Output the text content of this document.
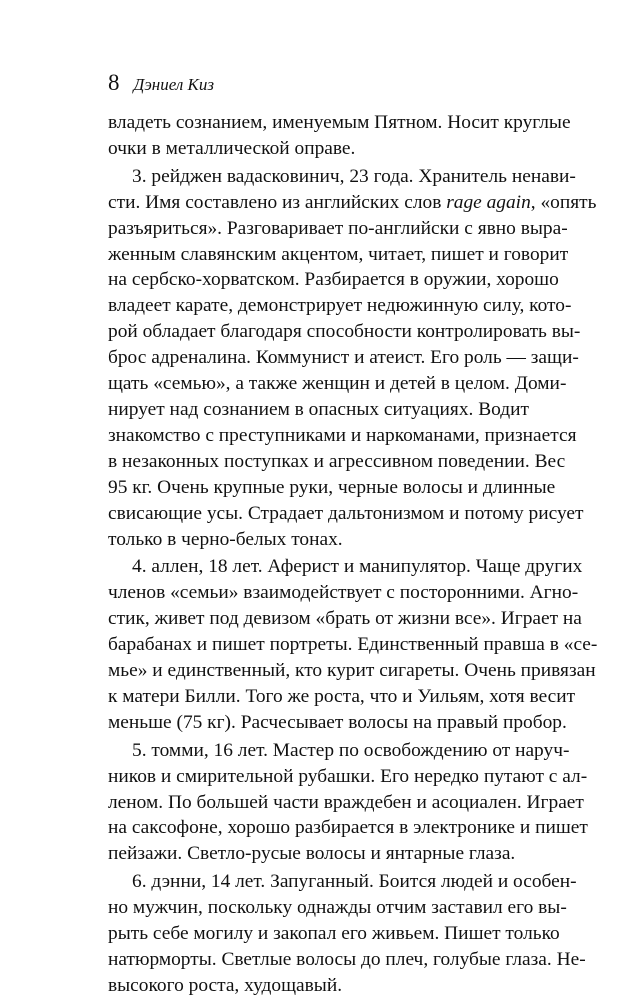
8 Дэниел Киз

владеть сознанием, именуемым Пятном. Носит круглые
очки в металлической оправе.

3. рейджен вадасковинич, 23 года. Хранитель ненави-
сти. Имя составлено из английских слов rage again, «опять
разъяриться». Разговаривает по-английски с явно выра-
женным славянским акцентом, читает, пишет и говорит
на сербско-хорватском. Разбирается в оружии, хорошо
владеет карате, демонстрирует недюжинную силу, кото-
рой обладает благодаря способности контролировать вы-
брос адреналина. Коммунист и атеист. Его роль — защи-
щать «семью», а также женщин и детей в целом. Доми-
нирует над сознанием в опасных ситуациях. Водит
знакомство с преступниками и наркоманами, признается
в незаконных поступках и агрессивном поведении. Вес
95 кг. Очень крупные руки, черные волосы и длинные
свисающие усы. Страдает дальтонизмом и потому рисует
только в черно-белых тонах.

4. аллен, 18 лет. Аферист и манипулятор. Чаще других
членов «семьи» взаимодействует с посторонними. Агно-
стик, живет под девизом «брать от жизни все». Играет на
барабанах и пишет портреты. Единственный правша в «се-
мье» и единственный, кто курит сигареты. Очень привязан
к матери Билли. Того же роста, что и Уильям, хотя весит
меньше (75 кг). Расчесывает волосы на правый пробор.

5. томми, 16 лет. Мастер по освобождению от наруч-
ников и смирительной рубашки. Его нередко путают с ал-
леном. По большей части враждебен и асоциален. Играет
на саксофоне, хорошо разбирается в электронике и пишет
пейзажи. Светло-русые волосы и янтарные глаза.

6. дэнни, 14 лет. Запуганный. Боится людей и особен-
но мужчин, поскольку однажды отчим заставил его вы-
рыть себе могилу и закопал его живьем. Пишет только
натюрморты. Светлые волосы до плеч, голубые глаза. Не-
высокого роста, худощавый.
